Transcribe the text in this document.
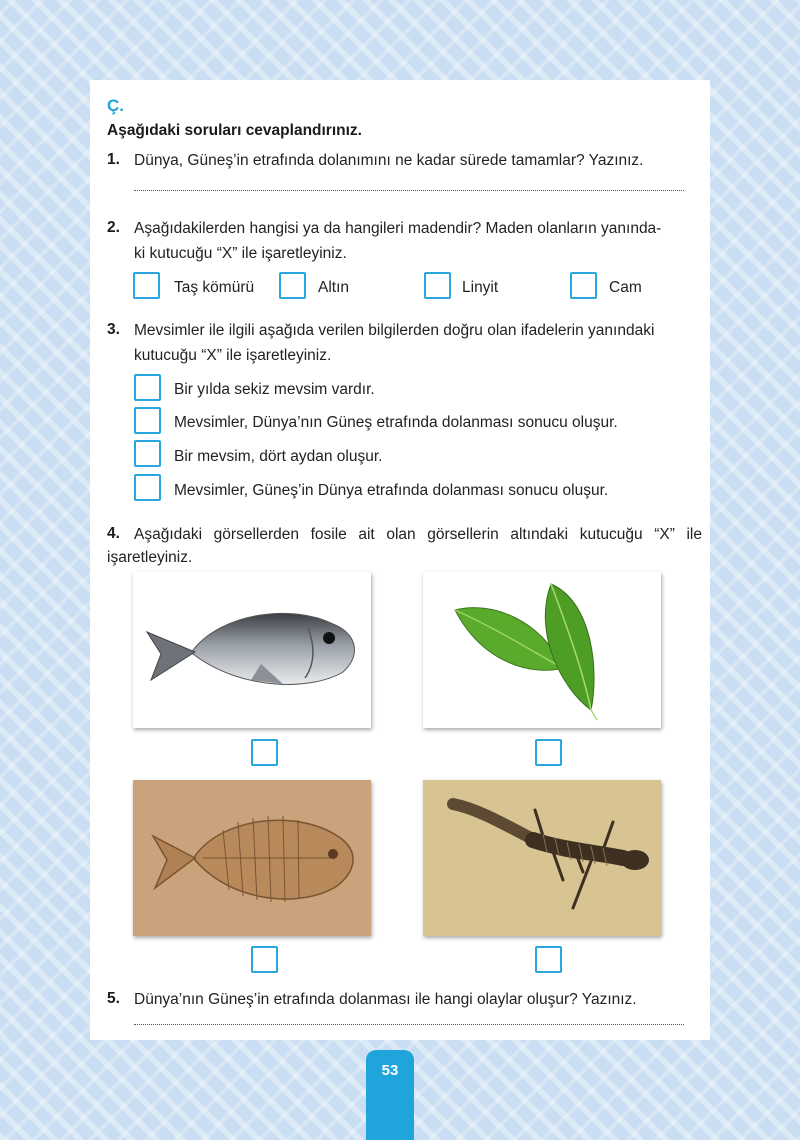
Ç.
Aşağıdaki soruları cevaplandırınız.
1. Dünya, Güneş’in etrafında dolanımını ne kadar sürede tamamlar? Yazınız.
2. Aşağıdakilerden hangisi ya da hangileri madendir? Maden olanların yanında-
ki kutucuğu “X” ile işaretleyiniz.
Taş kömürü	Altın	Linyit	Cam
3. Mevsimler ile ilgili aşağıda verilen bilgilerden doğru olan ifadelerin yanındaki
kutucuğu “X” ile işaretleyiniz.
Bir yılda sekiz mevsim vardır.
Mevsimler, Dünya’nın Güneş etrafında dolanması sonucu oluşur.
Bir mevsim, dört aydan oluşur.
Mevsimler, Güneş’in Dünya etrafında dolanması sonucu oluşur.
4. Aşağıdaki görsellerden fosile ait olan görsellerin altındaki kutucuğu “X” ile
işaretleyiniz.
5. Dünya’nın Güneş’in etrafında dolanması ile hangi olaylar oluşur? Yazınız.
53
